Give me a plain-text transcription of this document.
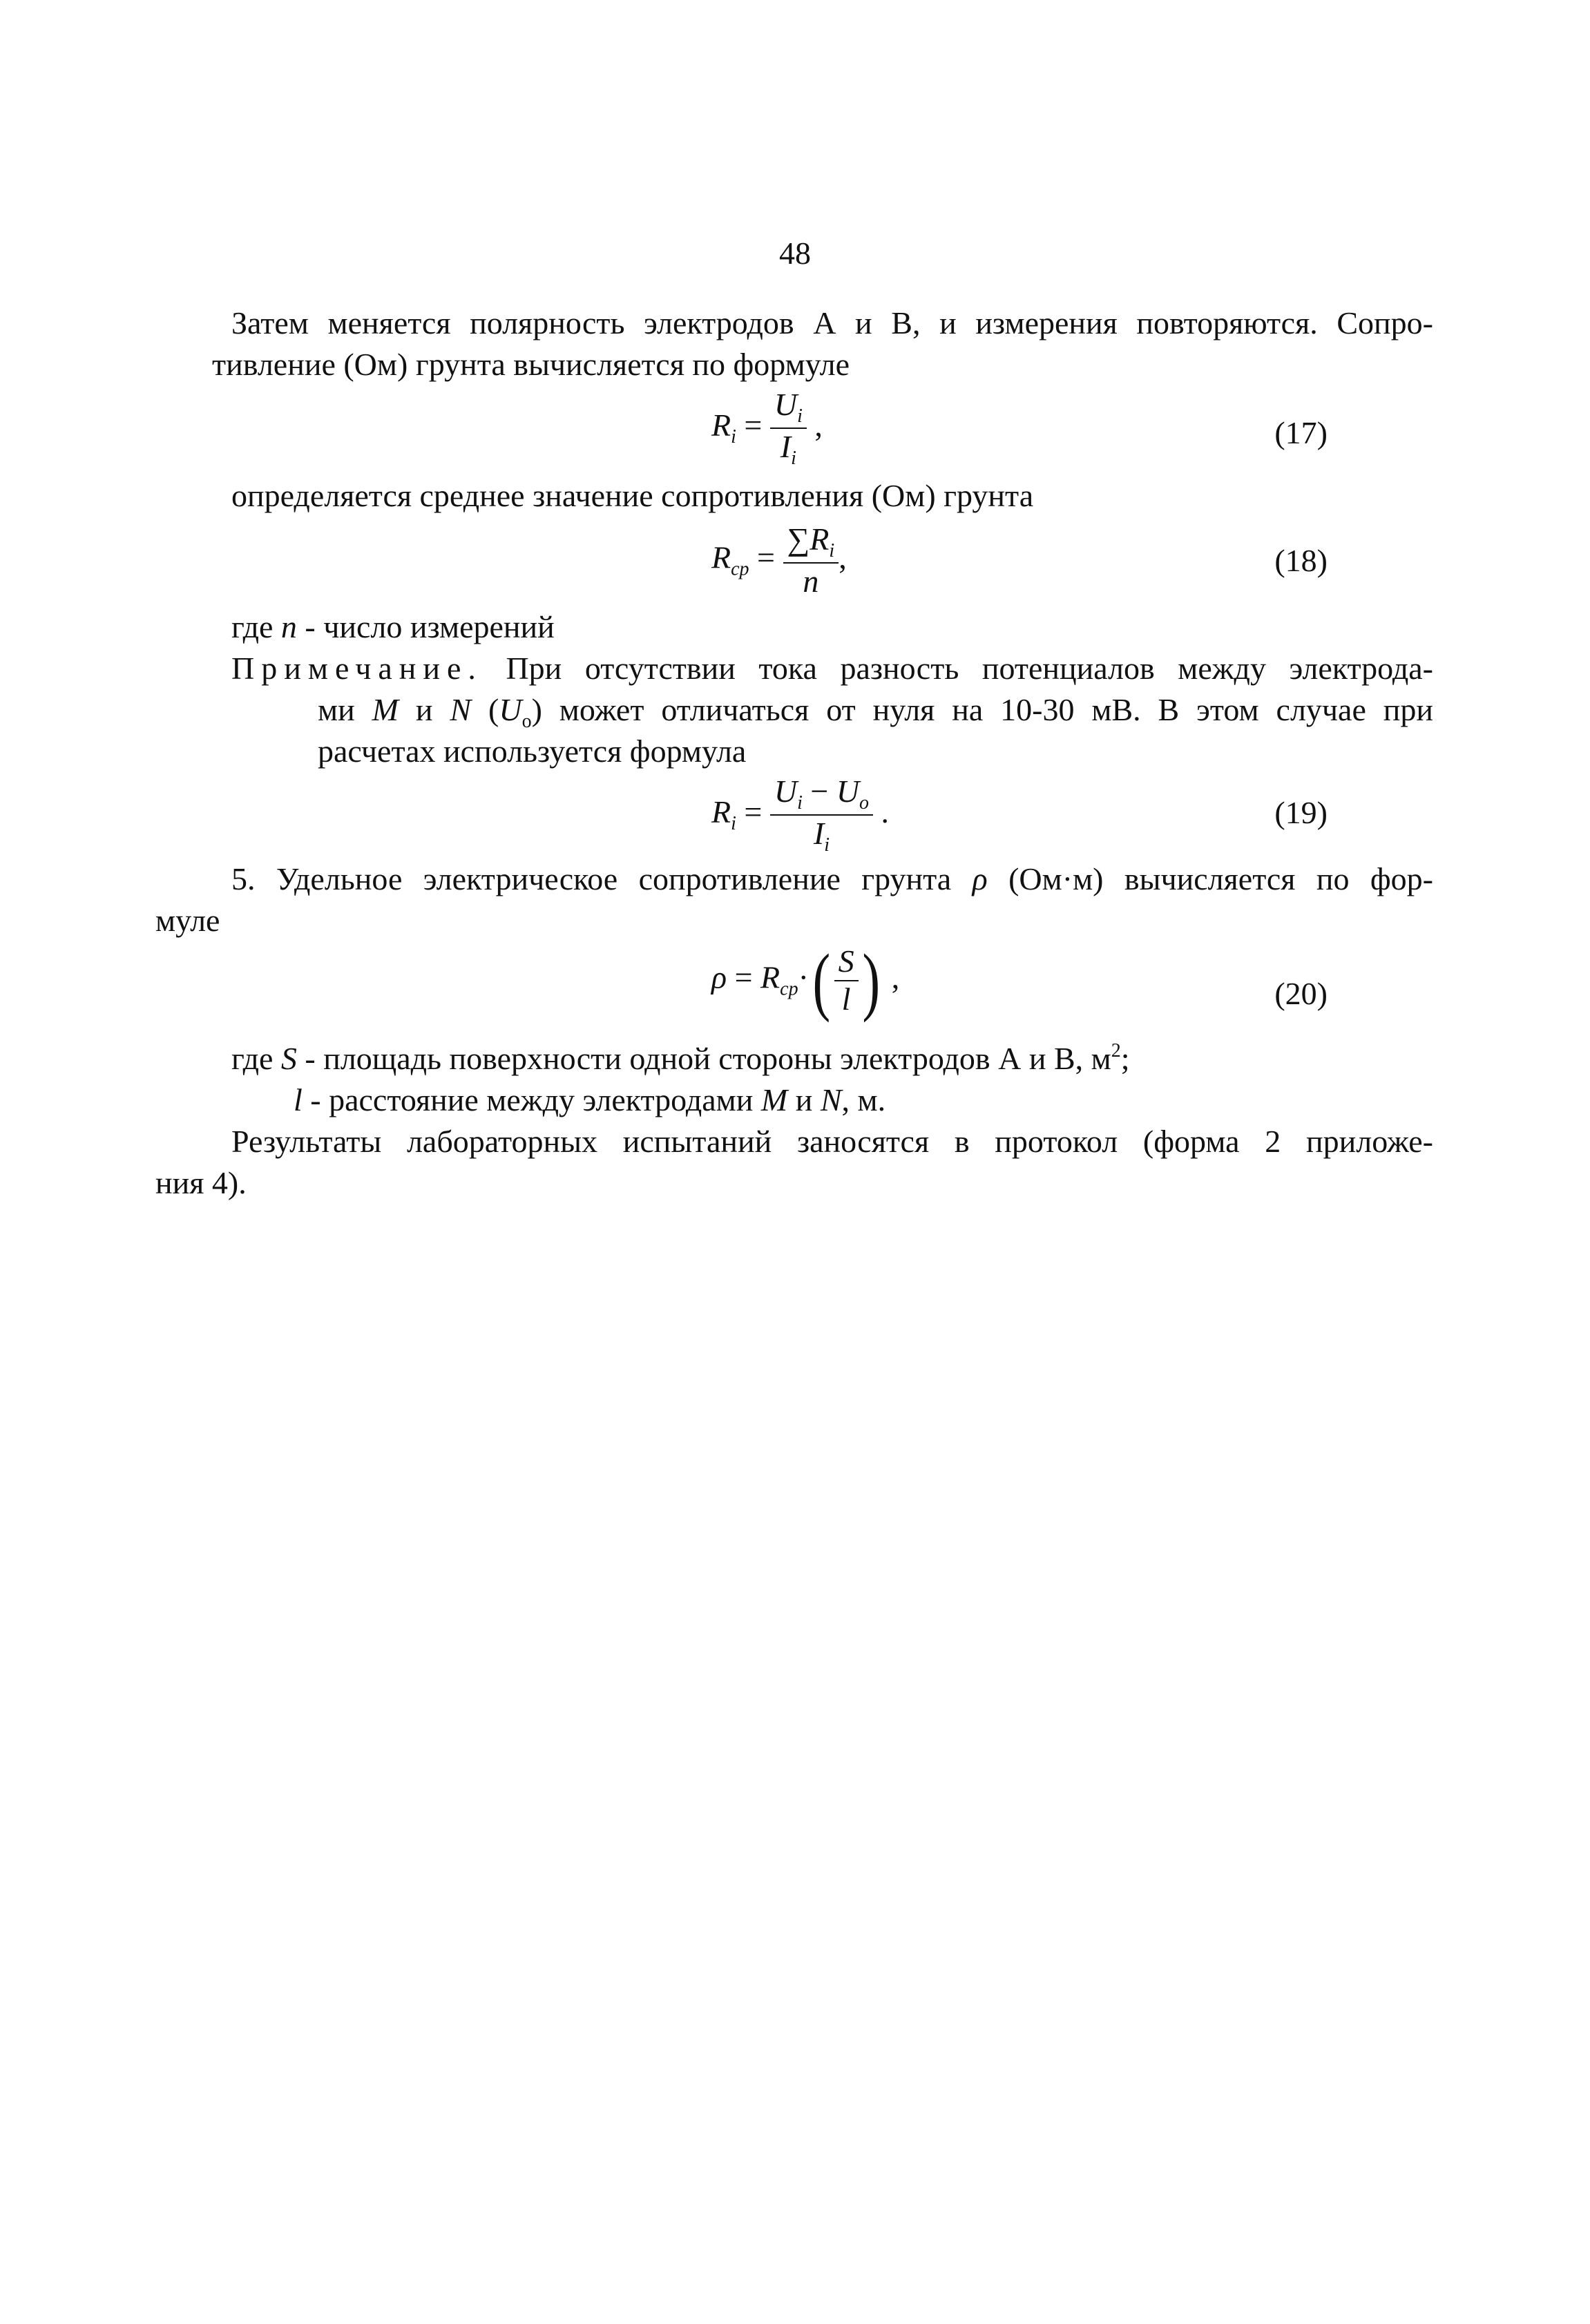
48
Затем меняется полярность электродов А и В, и измерения повторяются. Сопро-
тивление (Ом) грунта вычисляется по формуле
$R_i = \frac{U_i}{I_i}$ ,	(17)
определяется среднее значение сопротивления (Ом) грунта
$R_{cp} = \frac{\sum R_i}{n}$ ,	(18)
где n - число измерений
Примечание. При отсутствии тока разность потенциалов между электрода-
ми M и N $(U_o)$ может отличаться от нуля на 10-30 мВ. В этом случае при
расчетах используется формула
$R_i = \frac{U_i - U_o}{I_i}$ .	(19)
5. Удельное электрическое сопротивление грунта ρ (Ом·м) вычисляется по фор-
муле
$\rho = R_{cp}\cdot( \frac{S}{l}$ ) ,	(20)
где S - площадь поверхности одной стороны электродов А и В, $м^2$;
l - расстояние между электродами M и N, м.
Результаты лабораторных испытаний заносятся в протокол (форма 2 приложе-
ния 4).
